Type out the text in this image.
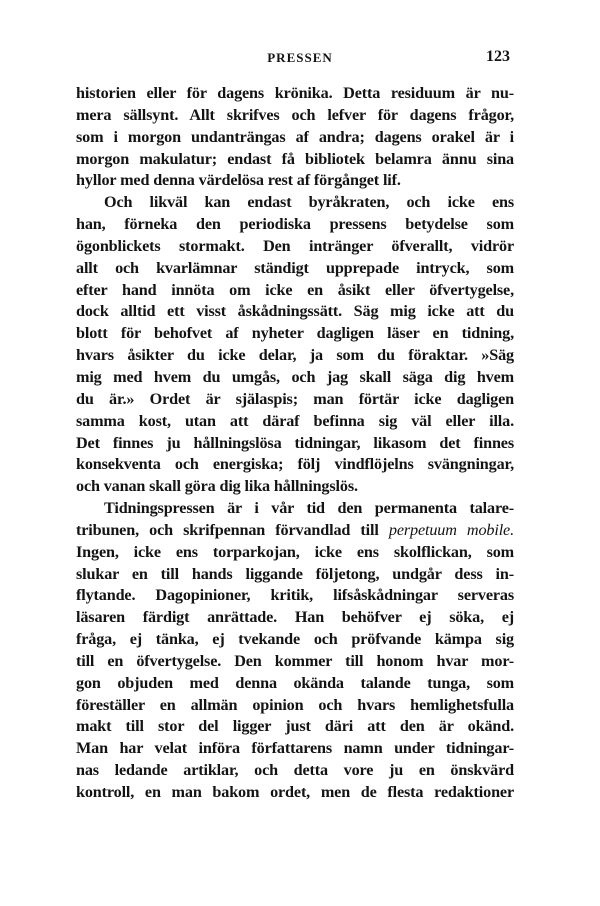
PRESSEN	123
historien eller för dagens krönika. Detta residuum är nu-
mera sällsynt. Allt skrifves och lefver för dagens frågor,
som i morgon undanträngas af andra; dagens orakel är i
morgon makulatur; endast få bibliotek belamra ännu sina
hyllor med denna värdelösa rest af förgånget lif.
Och likväl kan endast byråkraten, och icke ens
han, förneka den periodiska pressens betydelse som
ögonblickets stormakt. Den intränger öfverallt, vidrör
allt och kvarlämnar ständigt upprepade intryck, som
efter hand innöta om icke en åsikt eller öfvertygelse,
dock alltid ett visst åskådningssätt. Säg mig icke att du
blott för behofvet af nyheter dagligen läser en tidning,
hvars åsikter du icke delar, ja som du föraktar. »Säg
mig med hvem du umgås, och jag skall säga dig hvem
du är.» Ordet är själaspis; man förtär icke dagligen
samma kost, utan att däraf befinna sig väl eller illa.
Det finnes ju hållningslösa tidningar, likasom det finnes
konsekventa och energiska; följ vindflöjelns svängningar,
och vanan skall göra dig lika hållningslös.
Tidningspressen är i vår tid den permanenta talare-
tribunen, och skrifpennan förvandlad till perpetuum mobile.
Ingen, icke ens torparkojan, icke ens skolflickan, som
slukar en till hands liggande följetong, undgår dess in-
flytande. Dagopinioner, kritik, lifsåskådningar serveras
läsaren färdigt anrättade. Han behöfver ej söka, ej
fråga, ej tänka, ej tvekande och pröfvande kämpa sig
till en öfvertygelse. Den kommer till honom hvar mor-
gon objuden med denna okända talande tunga, som
föreställer en allmän opinion och hvars hemlighetsfulla
makt till stor del ligger just däri att den är okänd.
Man har velat införa författarens namn under tidningar-
nas ledande artiklar, och detta vore ju en önskvärd
kontroll, en man bakom ordet, men de flesta redaktioner
